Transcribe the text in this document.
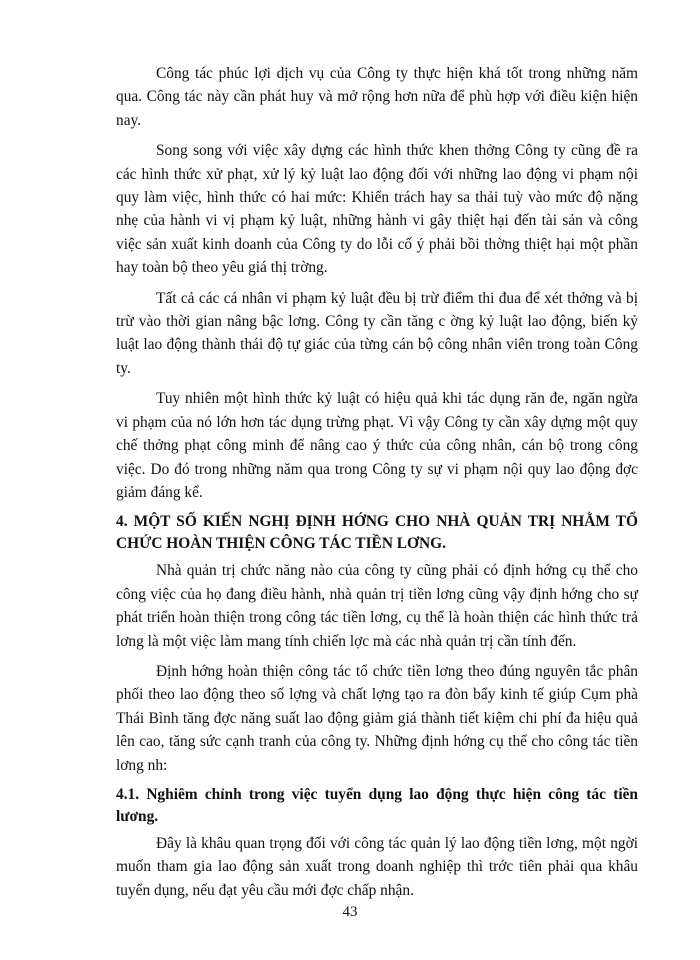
Công tác phúc lợi dịch vụ của Công ty thực hiện khá tốt trong những năm qua. Công tác này cần phát huy và mở rộng hơn nữa để phù hợp với điều kiện hiện nay.

Song song với việc xây dựng các hình thức khen thởng Công ty cũng đề ra các hình thức xử phạt, xử lý kỷ luật lao động đối với những lao động vi phạm nội quy làm việc, hình thức có hai mức: Khiển trách hay sa thải tuỳ vào mức độ nặng nhẹ của hành vi vị phạm kỷ luật, những hành vi gây thiệt hại đến tài sản và công việc sản xuất kinh doanh của Công ty do lỗi cố ý phải bồi thờng thiệt hại một phần hay toàn bộ theo yêu giá thị trờng.

Tất cả các cá nhân vi phạm kỷ luật đều bị trừ điểm thi đua để xét thởng và bị trừ vào thời gian nâng bậc lơng. Công ty cần tăng c ờng kỷ luật lao động, biến kỷ luật lao động thành thái độ tự giác của từng cán bộ công nhân viên trong toàn Công ty.

Tuy nhiên một hình thức kỷ luật có hiệu quả khi tác dụng răn đe, ngăn ngừa vi phạm của nó lớn hơn tác dụng trừng phạt. Vì vậy Công ty cần xây dựng một quy chế thởng phạt công minh để nâng cao ý thức của công nhân, cán bộ trong công việc. Do đó trong những năm qua trong Công ty sự vi phạm nội quy lao động đợc giảm đáng kể.

4. MỘT SỐ KIẾN NGHỊ ĐỊNH HỚNG CHO NHÀ QUẢN TRỊ NHẰM TỔ CHỨC HOÀN THIỆN CÔNG TÁC TIỀN LƠNG.

Nhà quản trị chức năng nào của công ty cũng phải có định hớng cụ thể cho công việc của họ đang điều hành, nhà quản trị tiền lơng cũng vậy định hớng cho sự phát triển hoàn thiện trong công tác tiền lơng, cụ thể là hoàn thiện các hình thức trả lơng là một việc làm mang tính chiến lợc mà các nhà quản trị cần tính đến.

Định hớng hoàn thiện công tác tổ chức tiền lơng theo đúng nguyên tắc phân phối theo lao động theo số lợng và chất lợng tạo ra đòn bẩy kinh tế giúp Cụm phà Thái Bình tăng đợc năng suất lao động giảm giá thành tiết kiệm chi phí đa hiệu quả lên cao, tăng sức cạnh tranh của công ty. Những định hớng cụ thể cho công tác tiền lơng nh:

4.1. Nghiêm chỉnh trong việc tuyển dụng lao động thực hiện công tác tiền lương.

Đây là khâu quan trọng đối với công tác quản lý lao động tiền lơng, một ngời muốn tham gia lao động sản xuất trong doanh nghiệp thì trớc tiên phải qua khâu tuyển dụng, nếu đạt yêu cầu mới đợc chấp nhận.

43
